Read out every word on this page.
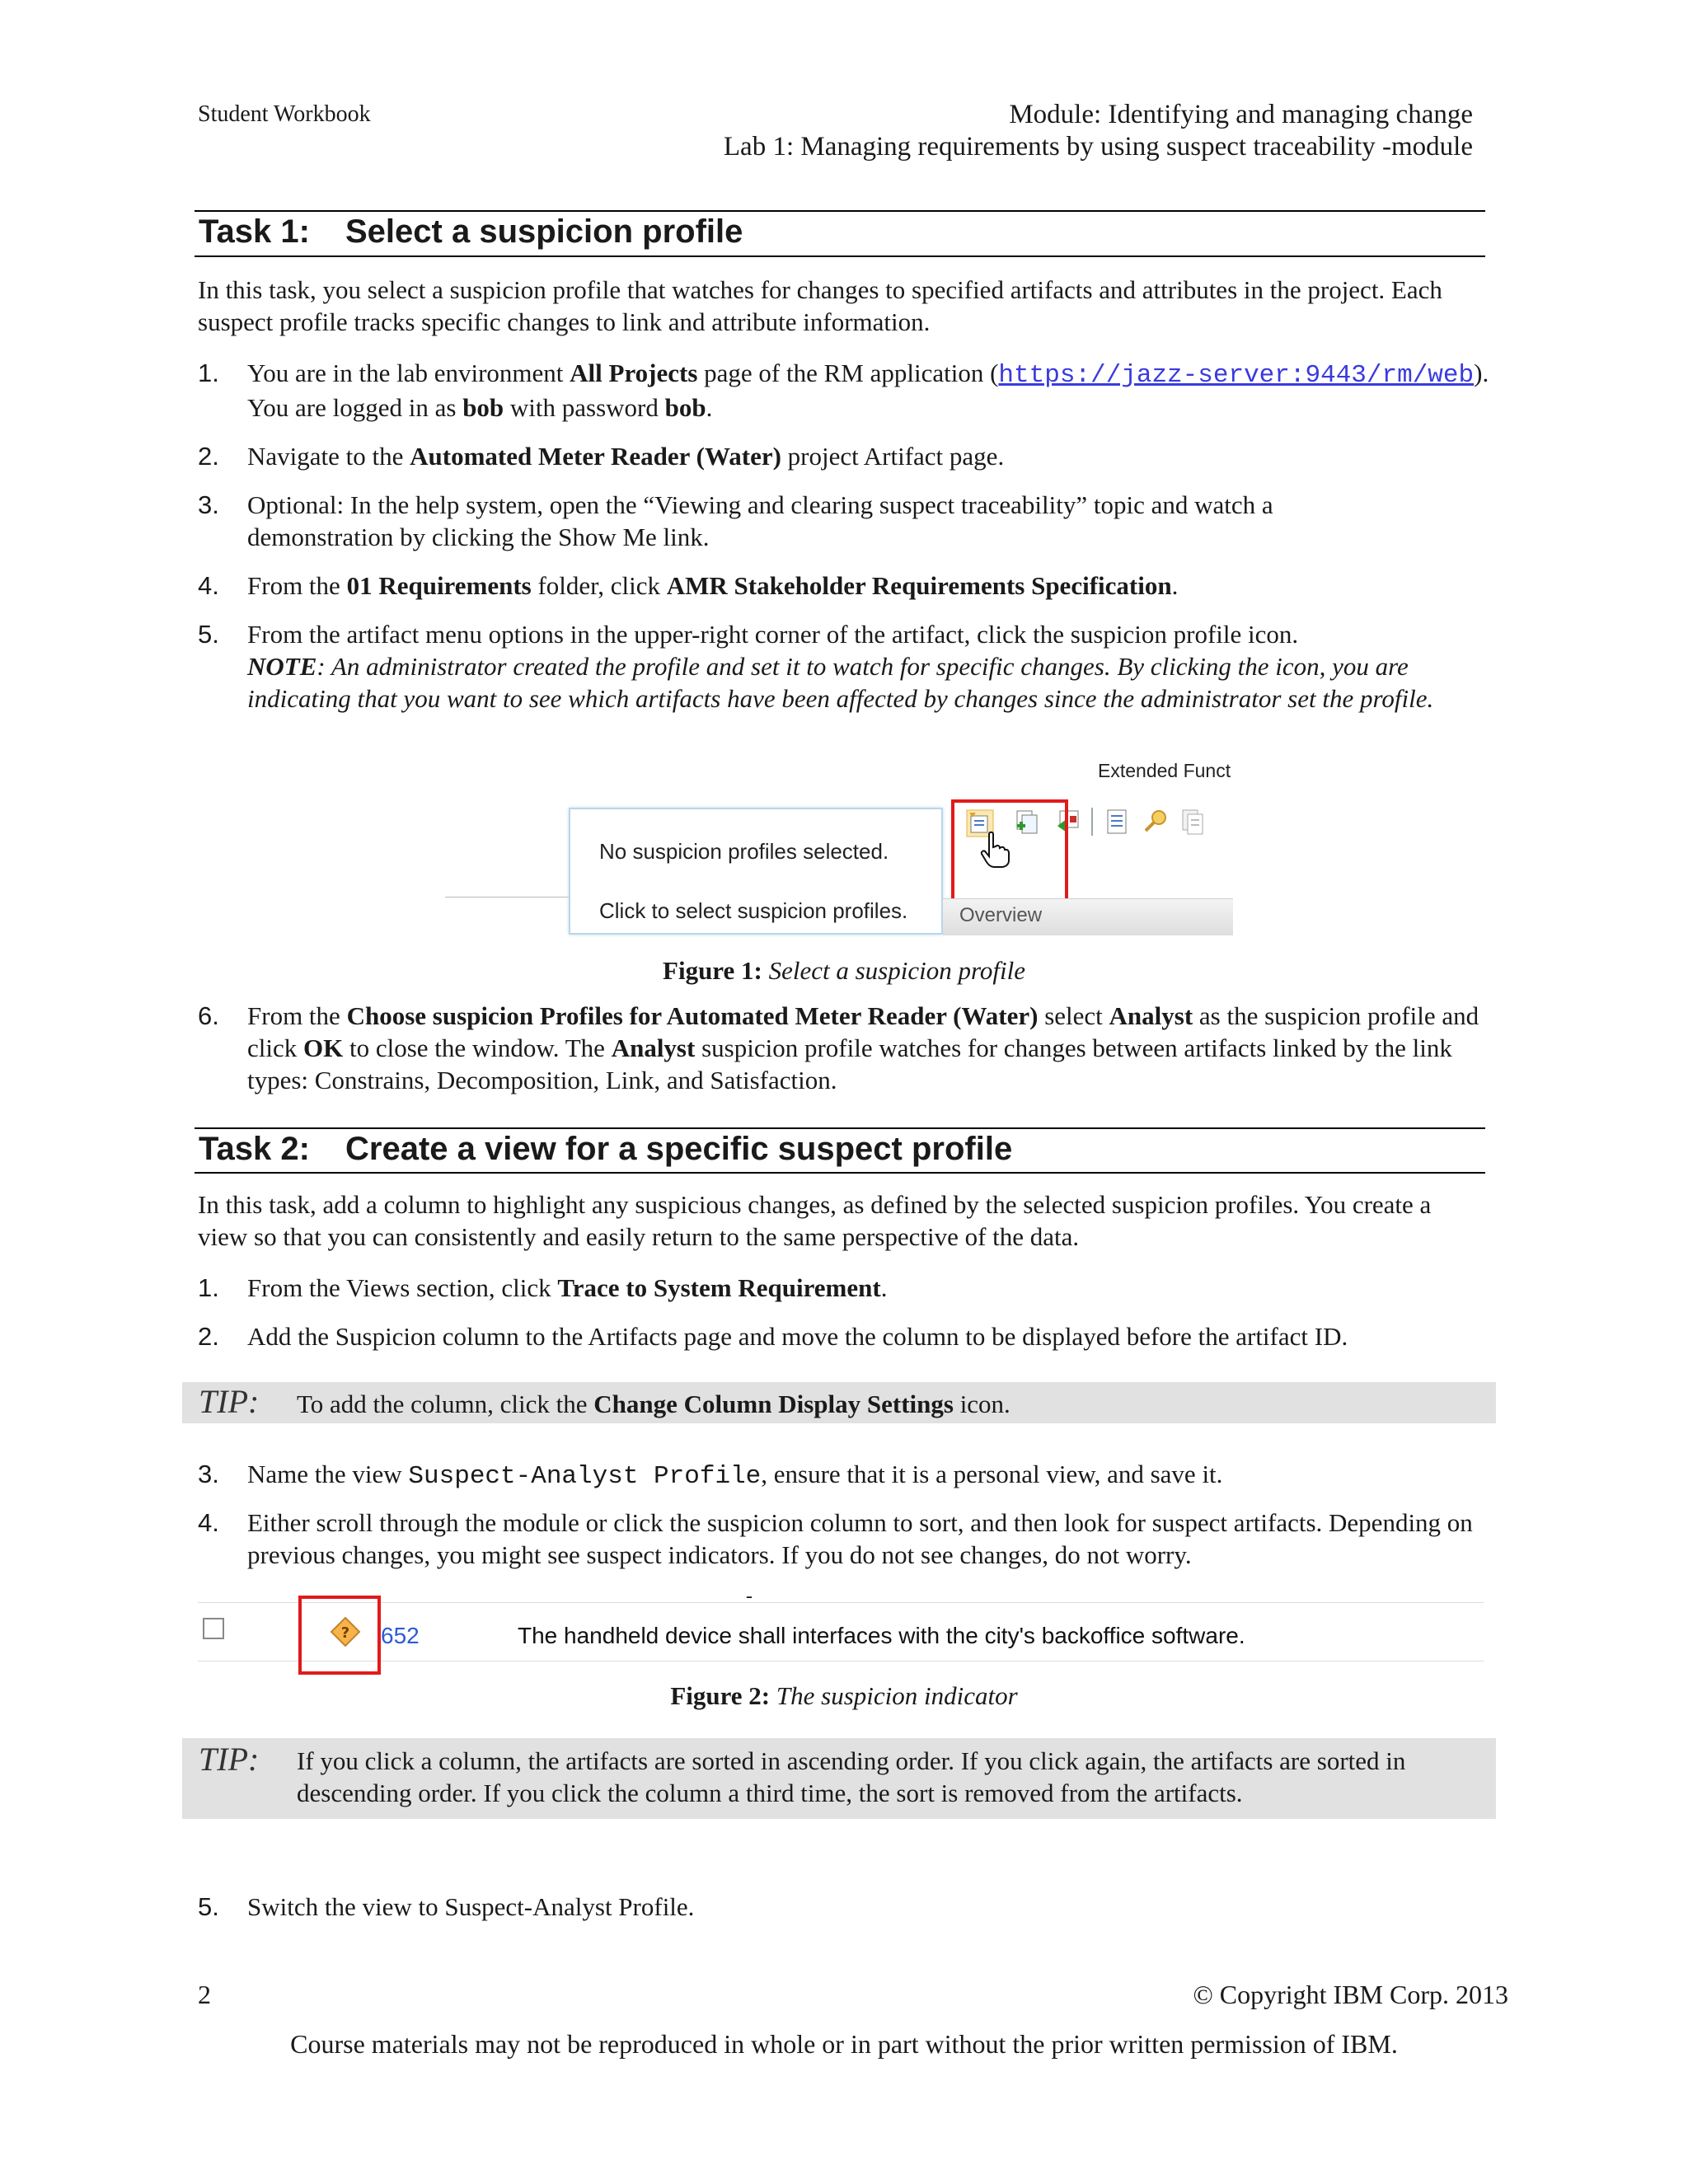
Student Workbook	Module: Identifying and managing change
Lab 1: Managing requirements by using suspect traceability -module
Task 1: Select a suspicion profile
In this task, you select a suspicion profile that watches for changes to specified artifacts and attributes in the project. Each suspect profile tracks specific changes to link and attribute information.
1. You are in the lab environment All Projects page of the RM application (https://jazz-server:9443/rm/web). You are logged in as bob with password bob.
2. Navigate to the Automated Meter Reader (Water) project Artifact page.
3. Optional: In the help system, open the “Viewing and clearing suspect traceability” topic and watch a demonstration by clicking the Show Me link.
4. From the 01 Requirements folder, click AMR Stakeholder Requirements Specification.
5. From the artifact menu options in the upper-right corner of the artifact, click the suspicion profile icon.
NOTE: An administrator created the profile and set it to watch for specific changes. By clicking the icon, you are indicating that you want to see which artifacts have been affected by changes since the administrator set the profile.
Extended Funct
No suspicion profiles selected.
Click to select suspicion profiles.	Overview
Figure 1: Select a suspicion profile
6. From the Choose suspicion Profiles for Automated Meter Reader (Water) select Analyst as the suspicion profile and click OK to close the window. The Analyst suspicion profile watches for changes between artifacts linked by the link types: Constrains, Decomposition, Link, and Satisfaction.
Task 2: Create a view for a specific suspect profile
In this task, add a column to highlight any suspicious changes, as defined by the selected suspicion profiles. You create a view so that you can consistently and easily return to the same perspective of the data.
1. From the Views section, click Trace to System Requirement.
2. Add the Suspicion column to the Artifacts page and move the column to be displayed before the artifact ID.
TIP: To add the column, click the Change Column Display Settings icon.
3. Name the view Suspect-Analyst Profile, ensure that it is a personal view, and save it.
4. Either scroll through the module or click the suspicion column to sort, and then look for suspect artifacts. Depending on previous changes, you might see suspect indicators. If you do not see changes, do not worry.
-
? 652	The handheld device shall interfaces with the city's backoffice software.
Figure 2: The suspicion indicator
TIP: If you click a column, the artifacts are sorted in ascending order. If you click again, the artifacts are sorted in descending order. If you click the column a third time, the sort is removed from the artifacts.
5. Switch the view to Suspect-Analyst Profile.
2	© Copyright IBM Corp. 2013
Course materials may not be reproduced in whole or in part without the prior written permission of IBM.
